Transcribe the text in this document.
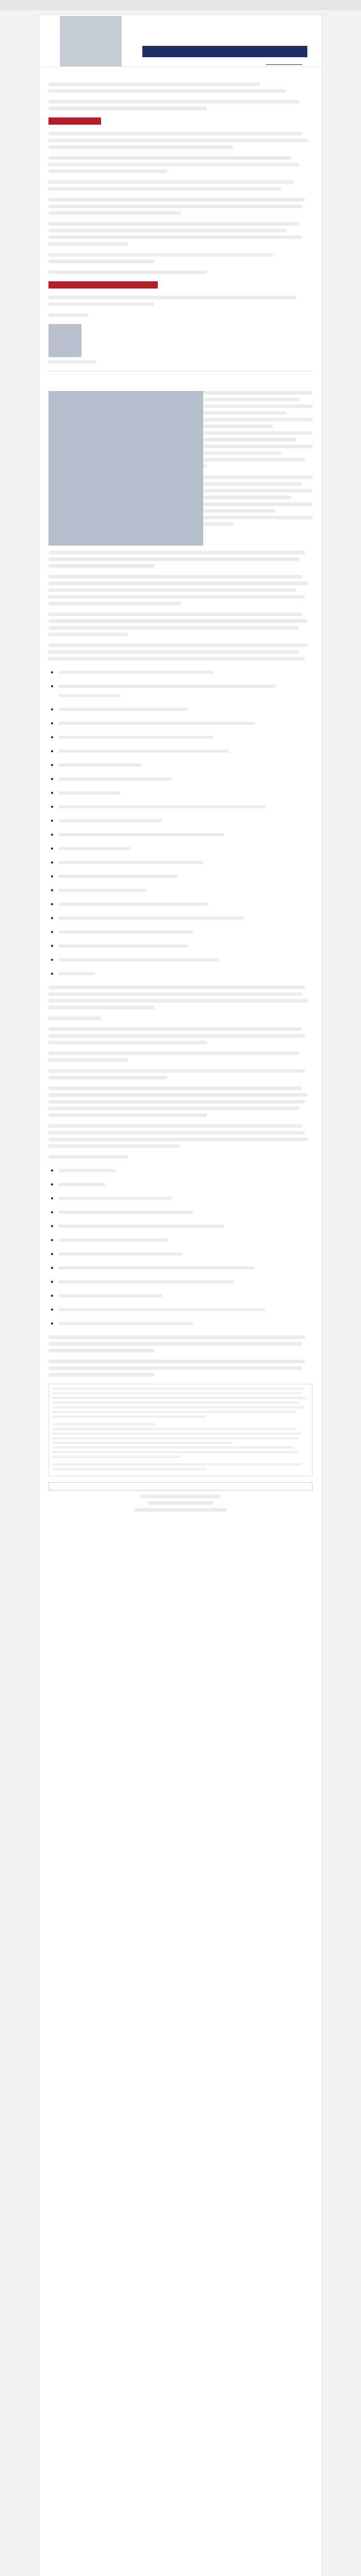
•
•

•
•
•
•
•
•
•
•
•
•
•
•
•
•
•
•
•
•
•
•
•
•
•
•
•
•
•
•
•
•
•
•
